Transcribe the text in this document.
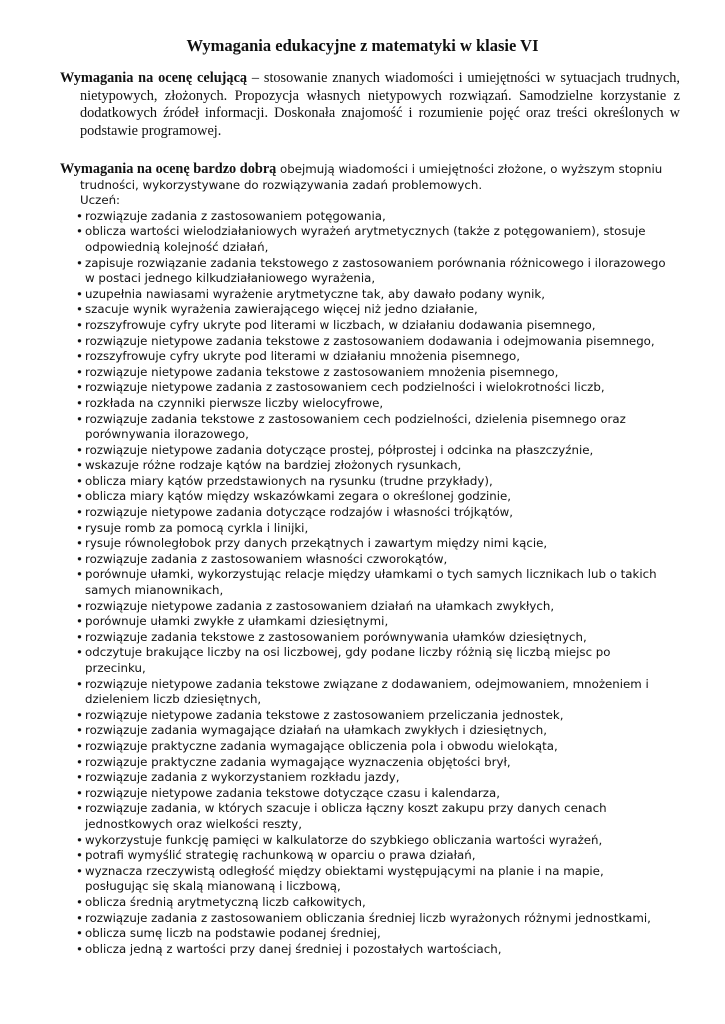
Wymagania edukacyjne z matematyki w klasie VI

Wymagania na ocenę celującą – stosowanie znanych wiadomości i umiejętności w sytuacjach trudnych, nietypowych, złożonych. Propozycja własnych nietypowych rozwiązań. Samodzielne korzystanie z dodatkowych źródeł informacji. Doskonała znajomość i rozumienie pojęć oraz treści określonych w podstawie programowej.

Wymagania na ocenę bardzo dobrą obejmują wiadomości i umiejętności złożone, o wyższym stopniu trudności, wykorzystywane do rozwiązywania zadań problemowych.

Uczeń:

• rozwiązuje zadania z zastosowaniem potęgowania,
• oblicza wartości wielodziałaniowych wyrażeń arytmetycznych (także z potęgowaniem), stosuje odpowiednią kolejność działań,
• zapisuje rozwiązanie zadania tekstowego z zastosowaniem porównania różnicowego i ilorazowego w postaci jednego kilkudziałaniowego wyrażenia,
• uzupełnia nawiasami wyrażenie arytmetyczne tak, aby dawało podany wynik,
• szacuje wynik wyrażenia zawierającego więcej niż jedno działanie,
• rozszyfrowuje cyfry ukryte pod literami w liczbach, w działaniu dodawania pisemnego,
• rozwiązuje nietypowe zadania tekstowe z zastosowaniem dodawania i odejmowania pisemnego,
• rozszyfrowuje cyfry ukryte pod literami w działaniu mnożenia pisemnego,
• rozwiązuje nietypowe zadania tekstowe z zastosowaniem mnożenia pisemnego,
• rozwiązuje nietypowe zadania z zastosowaniem cech podzielności i wielokrotności liczb,
• rozkłada na czynniki pierwsze liczby wielocyfrowe,
• rozwiązuje zadania tekstowe z zastosowaniem cech podzielności, dzielenia pisemnego oraz porównywania ilorazowego,
• rozwiązuje nietypowe zadania dotyczące prostej, półprostej i odcinka na płaszczyźnie,
• wskazuje różne rodzaje kątów na bardziej złożonych rysunkach,
• oblicza miary kątów przedstawionych na rysunku (trudne przykłady),
• oblicza miary kątów między wskazówkami zegara o określonej godzinie,
• rozwiązuje nietypowe zadania dotyczące rodzajów i własności trójkątów,
• rysuje romb za pomocą cyrkla i linijki,
• rysuje równoległobok przy danych przekątnych i zawartym między nimi kącie,
• rozwiązuje zadania z zastosowaniem własności czworokątów,
• porównuje ułamki, wykorzystując relacje między ułamkami o tych samych licznikach lub o takich samych mianownikach,
• rozwiązuje nietypowe zadania z zastosowaniem działań na ułamkach zwykłych,
• porównuje ułamki zwykłe z ułamkami dziesiętnymi,
• rozwiązuje zadania tekstowe z zastosowaniem porównywania ułamków dziesiętnych,
• odczytuje brakujące liczby na osi liczbowej, gdy podane liczby różnią się liczbą miejsc po przecinku,
• rozwiązuje nietypowe zadania tekstowe związane z dodawaniem, odejmowaniem, mnożeniem i dzieleniem liczb dziesiętnych,
• rozwiązuje nietypowe zadania tekstowe z zastosowaniem przeliczania jednostek,
• rozwiązuje zadania wymagające działań na ułamkach zwykłych i dziesiętnych,
• rozwiązuje praktyczne zadania wymagające obliczenia pola i obwodu wielokąta,
• rozwiązuje praktyczne zadania wymagające wyznaczenia objętości brył,
• rozwiązuje zadania z wykorzystaniem rozkładu jazdy,
• rozwiązuje nietypowe zadania tekstowe dotyczące czasu i kalendarza,
• rozwiązuje zadania, w których szacuje i oblicza łączny koszt zakupu przy danych cenach jednostkowych oraz wielkości reszty,
• wykorzystuje funkcję pamięci w kalkulatorze do szybkiego obliczania wartości wyrażeń,
• potrafi wymyślić strategię rachunkową w oparciu o prawa działań,
• wyznacza rzeczywistą odległość między obiektami występującymi na planie i na mapie, posługując się skalą mianowaną i liczbową,
• oblicza średnią arytmetyczną liczb całkowitych,
• rozwiązuje zadania z zastosowaniem obliczania średniej liczb wyrażonych różnymi jednostkami,
• oblicza sumę liczb na podstawie podanej średniej,
• oblicza jedną z wartości przy danej średniej i pozostałych wartościach,
